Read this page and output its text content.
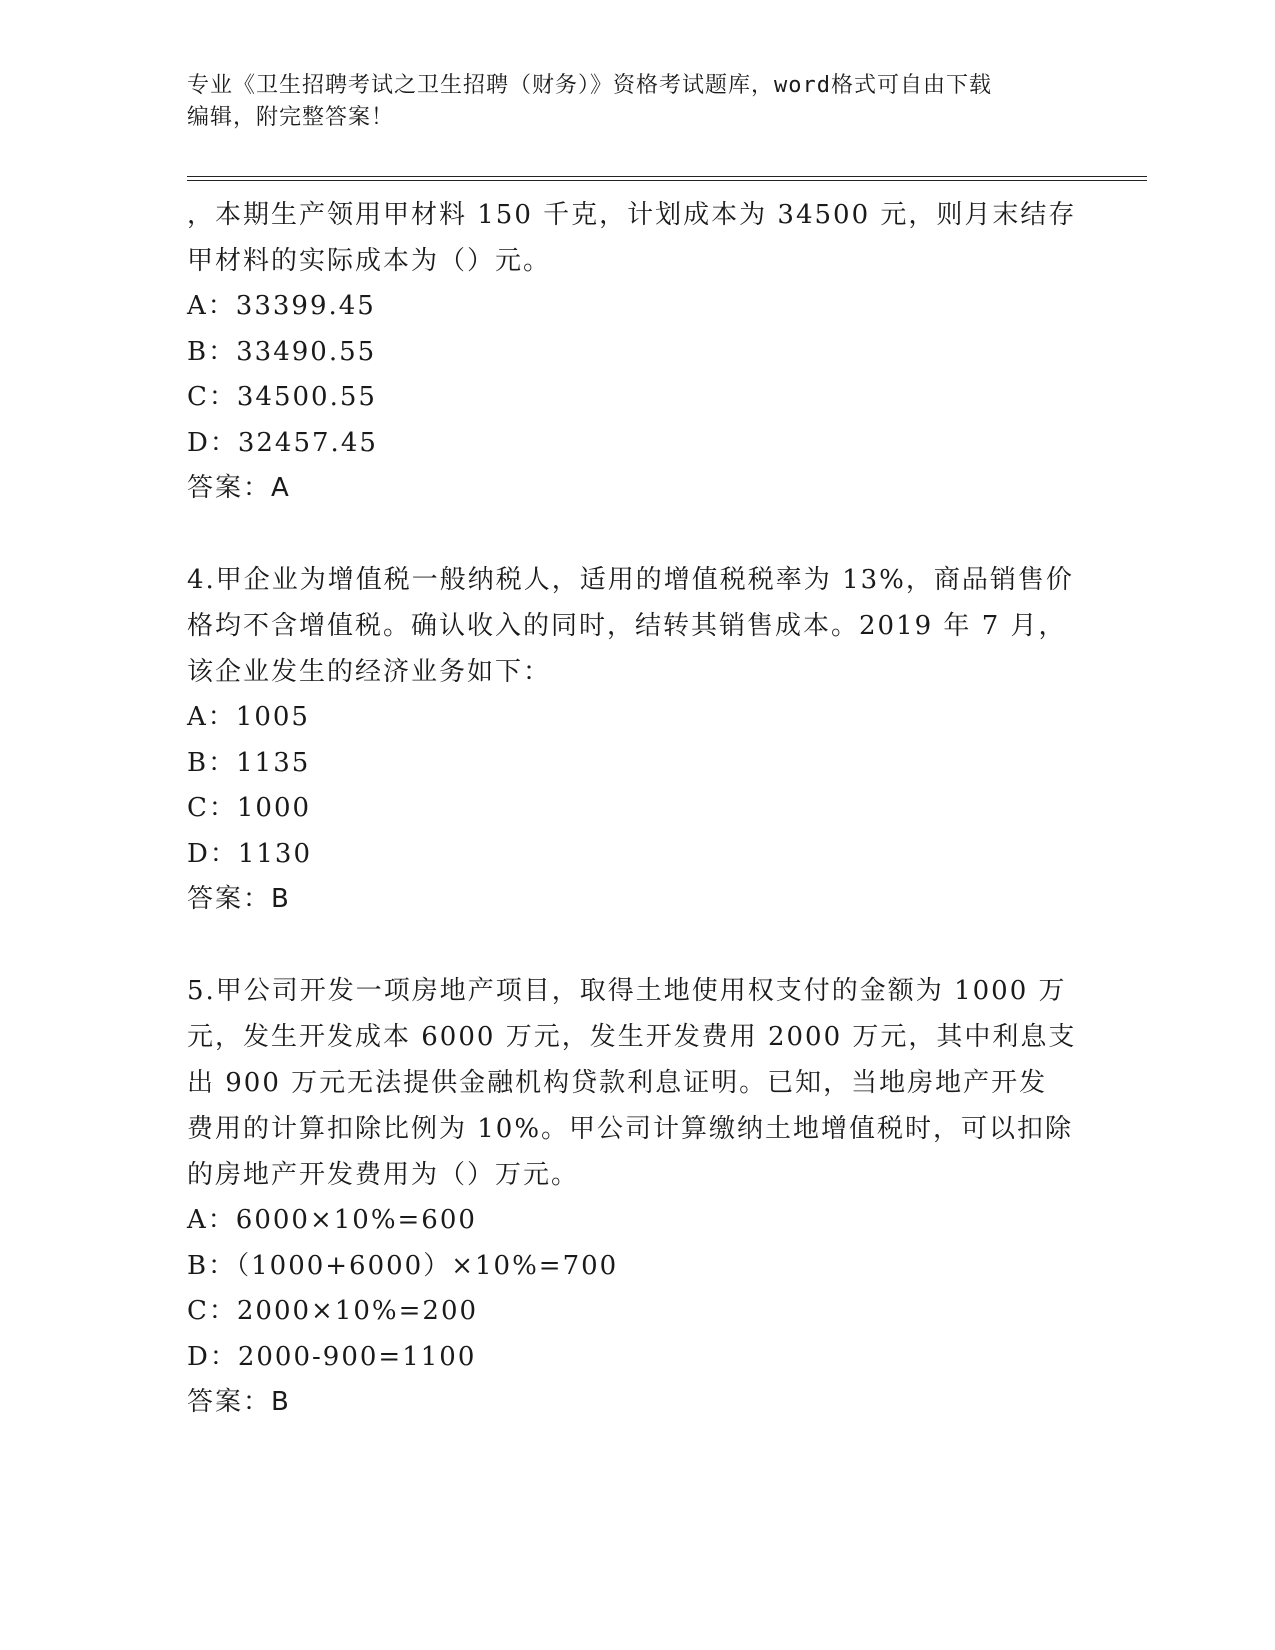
专业《卫生招聘考试之卫生招聘（财务）》资格考试题库，word格式可自由下载
编辑，附完整答案！

，本期生产领用甲材料 150 千克，计划成本为 34500 元，则月末结存

甲材料的实际成本为（）元。

A：33399.45

B：33490.55

C：34500.55

D：32457.45

答案：A

4.甲企业为增值税一般纳税人，适用的增值税税率为 13%，商品销售价

格均不含增值税。确认收入的同时，结转其销售成本。2019 年 7 月，

该企业发生的经济业务如下：

A：1005

B：1135

C：1000

D：1130

答案：B

5.甲公司开发一项房地产项目，取得土地使用权支付的金额为 1000 万

元，发生开发成本 6000 万元，发生开发费用 2000 万元，其中利息支

出 900 万元无法提供金融机构贷款利息证明。已知，当地房地产开发

费用的计算扣除比例为 10%。甲公司计算缴纳土地增值税时，可以扣除

的房地产开发费用为（）万元。

A：6000×10%=600

B：（1000+6000）×10%=700

C：2000×10%=200

D：2000-900=1100

答案：B
